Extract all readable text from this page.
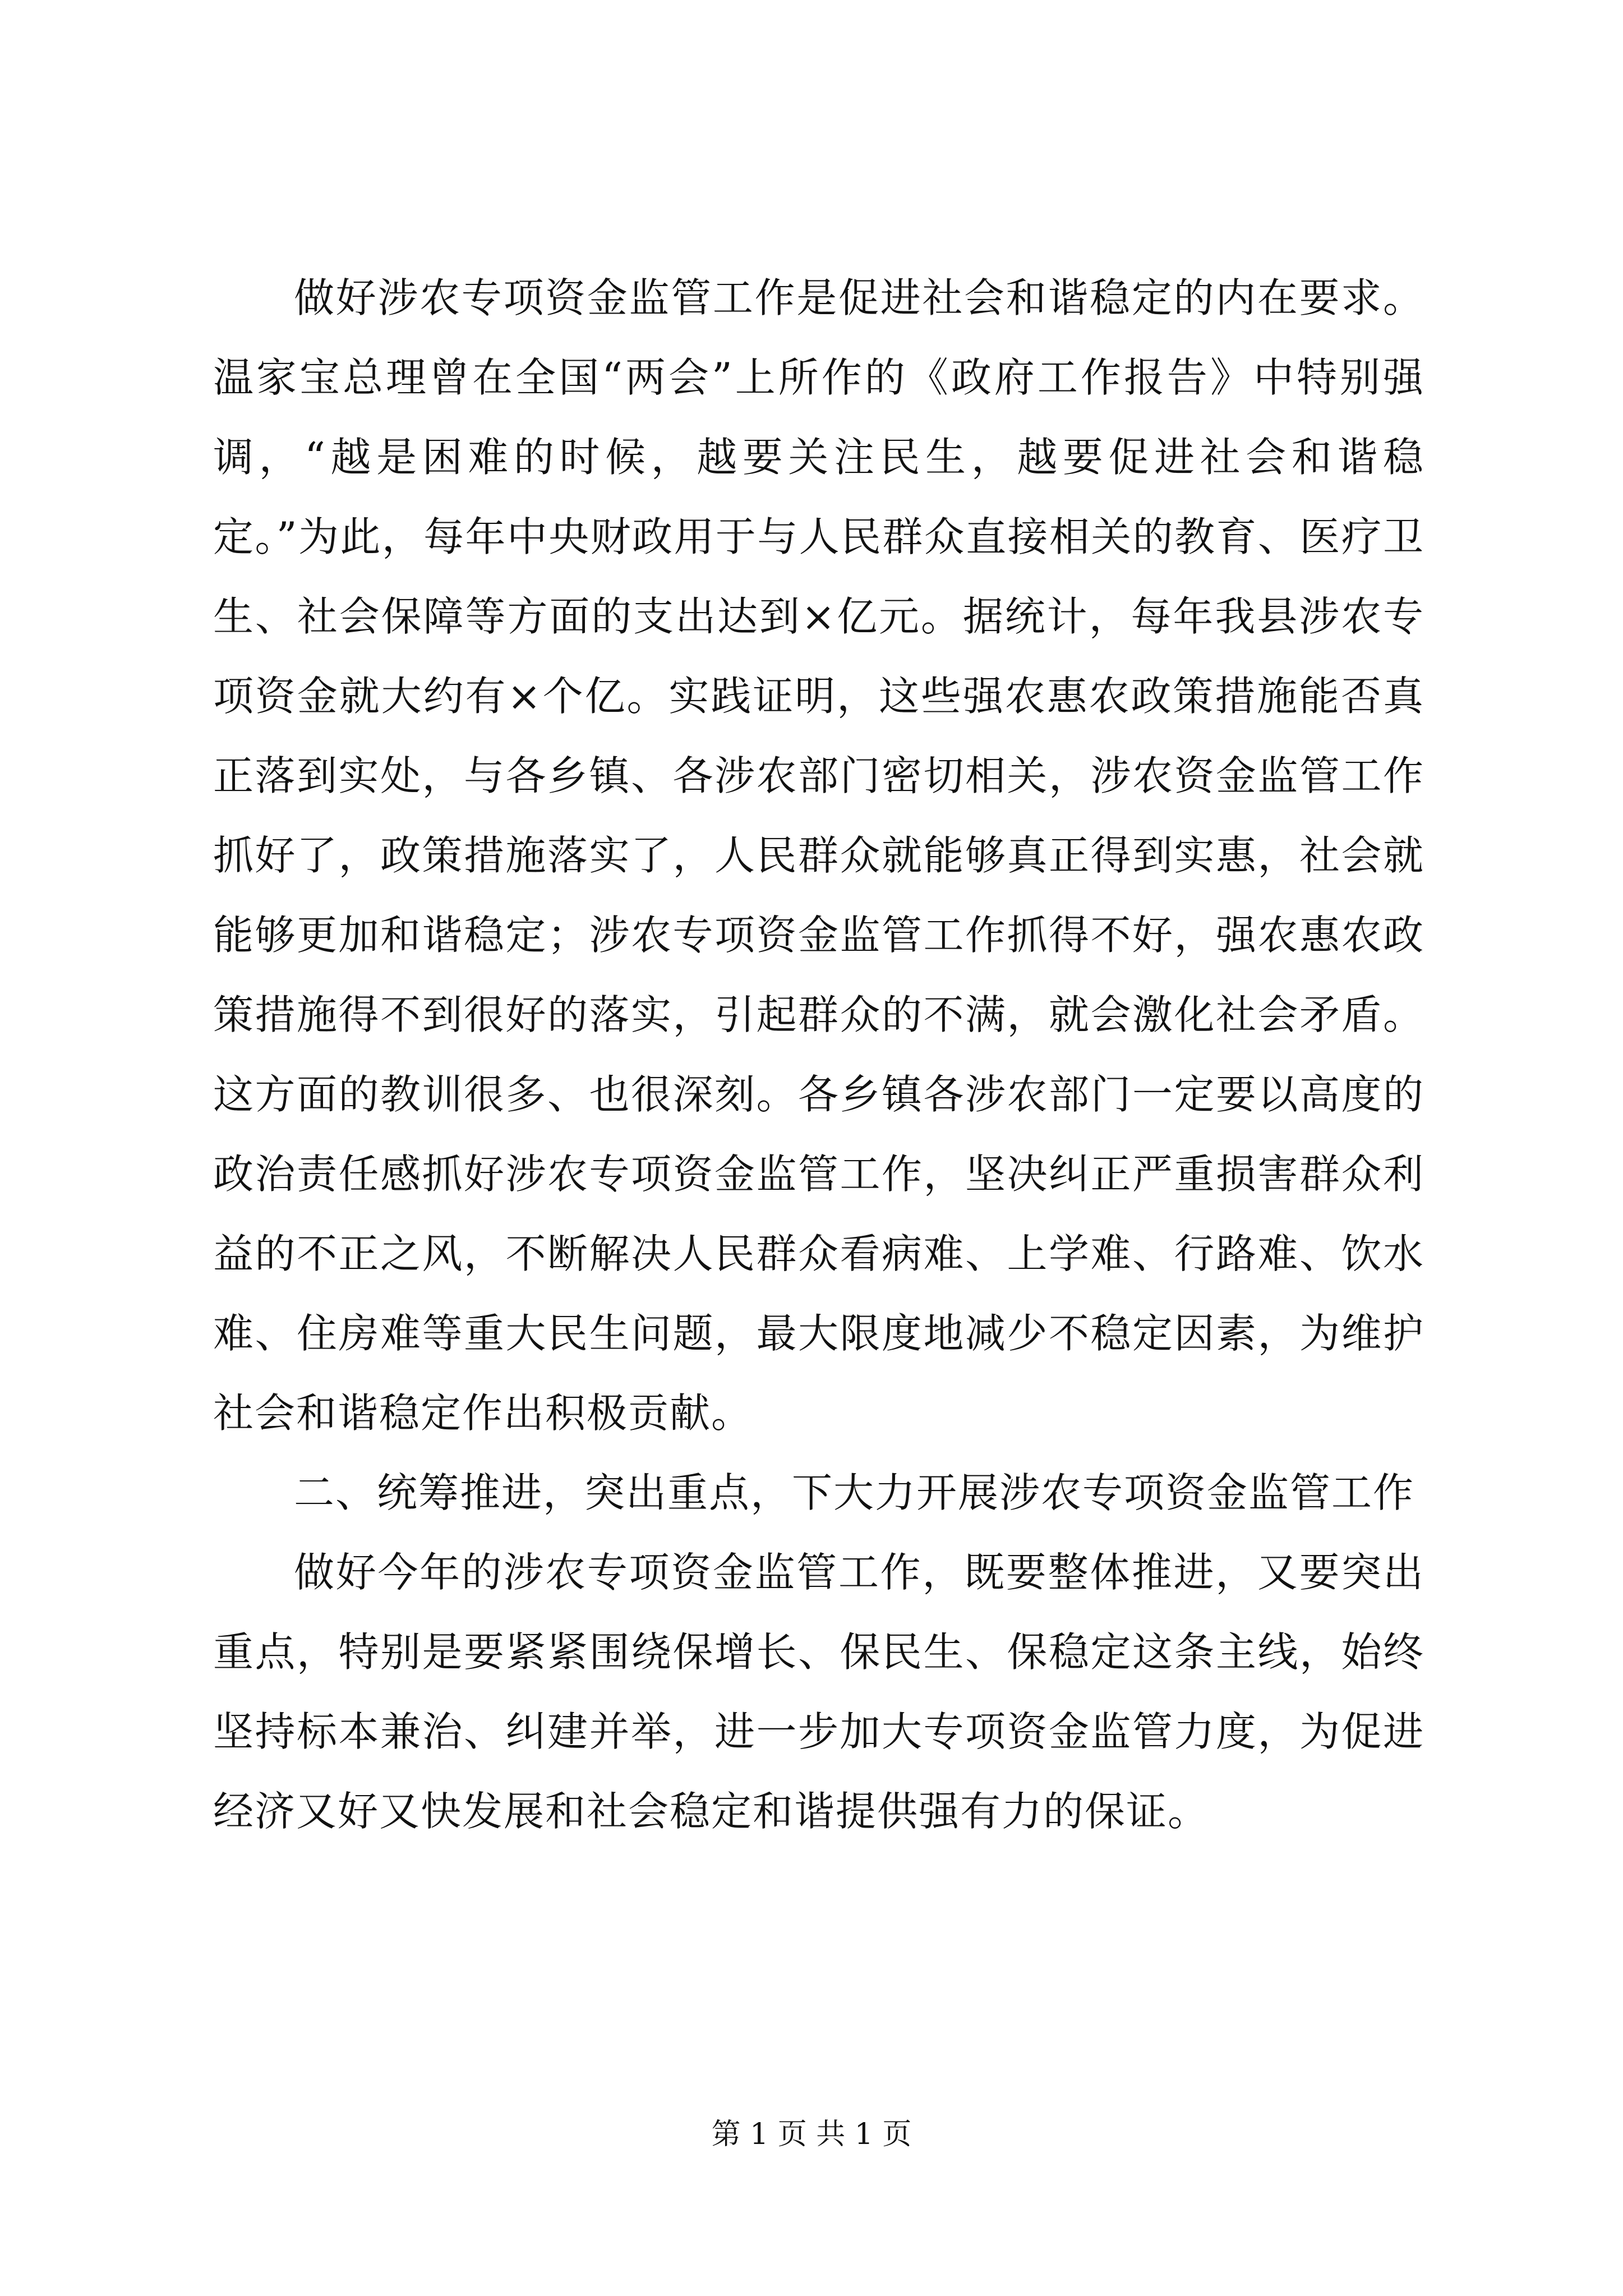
做好涉农专项资金监管工作是促进社会和谐稳定的内在要求。温家宝总理曾在全国“两会”上所作的《政府工作报告》中特别强调，“越是困难的时候，越要关注民生，越要促进社会和谐稳定。”为此，每年中央财政用于与人民群众直接相关的教育、医疗卫生、社会保障等方面的支出达到×亿元。据统计，每年我县涉农专项资金就大约有×个亿。实践证明，这些强农惠农政策措施能否真正落到实处，与各乡镇、各涉农部门密切相关，涉农资金监管工作抓好了，政策措施落实了，人民群众就能够真正得到实惠，社会就能够更加和谐稳定；涉农专项资金监管工作抓得不好，强农惠农政策措施得不到很好的落实，引起群众的不满，就会激化社会矛盾。这方面的教训很多、也很深刻。各乡镇各涉农部门一定要以高度的政治责任感抓好涉农专项资金监管工作，坚决纠正严重损害群众利益的不正之风，不断解决人民群众看病难、上学难、行路难、饮水难、住房难等重大民生问题，最大限度地减少不稳定因素，为维护社会和谐稳定作出积极贡献。

二、统筹推进，突出重点，下大力开展涉农专项资金监管工作

做好今年的涉农专项资金监管工作，既要整体推进，又要突出重点，特别是要紧紧围绕保增长、保民生、保稳定这条主线，始终坚持标本兼治、纠建并举，进一步加大专项资金监管力度，为促进经济又好又快发展和社会稳定和谐提供强有力的保证。

第 1 页 共 1 页
